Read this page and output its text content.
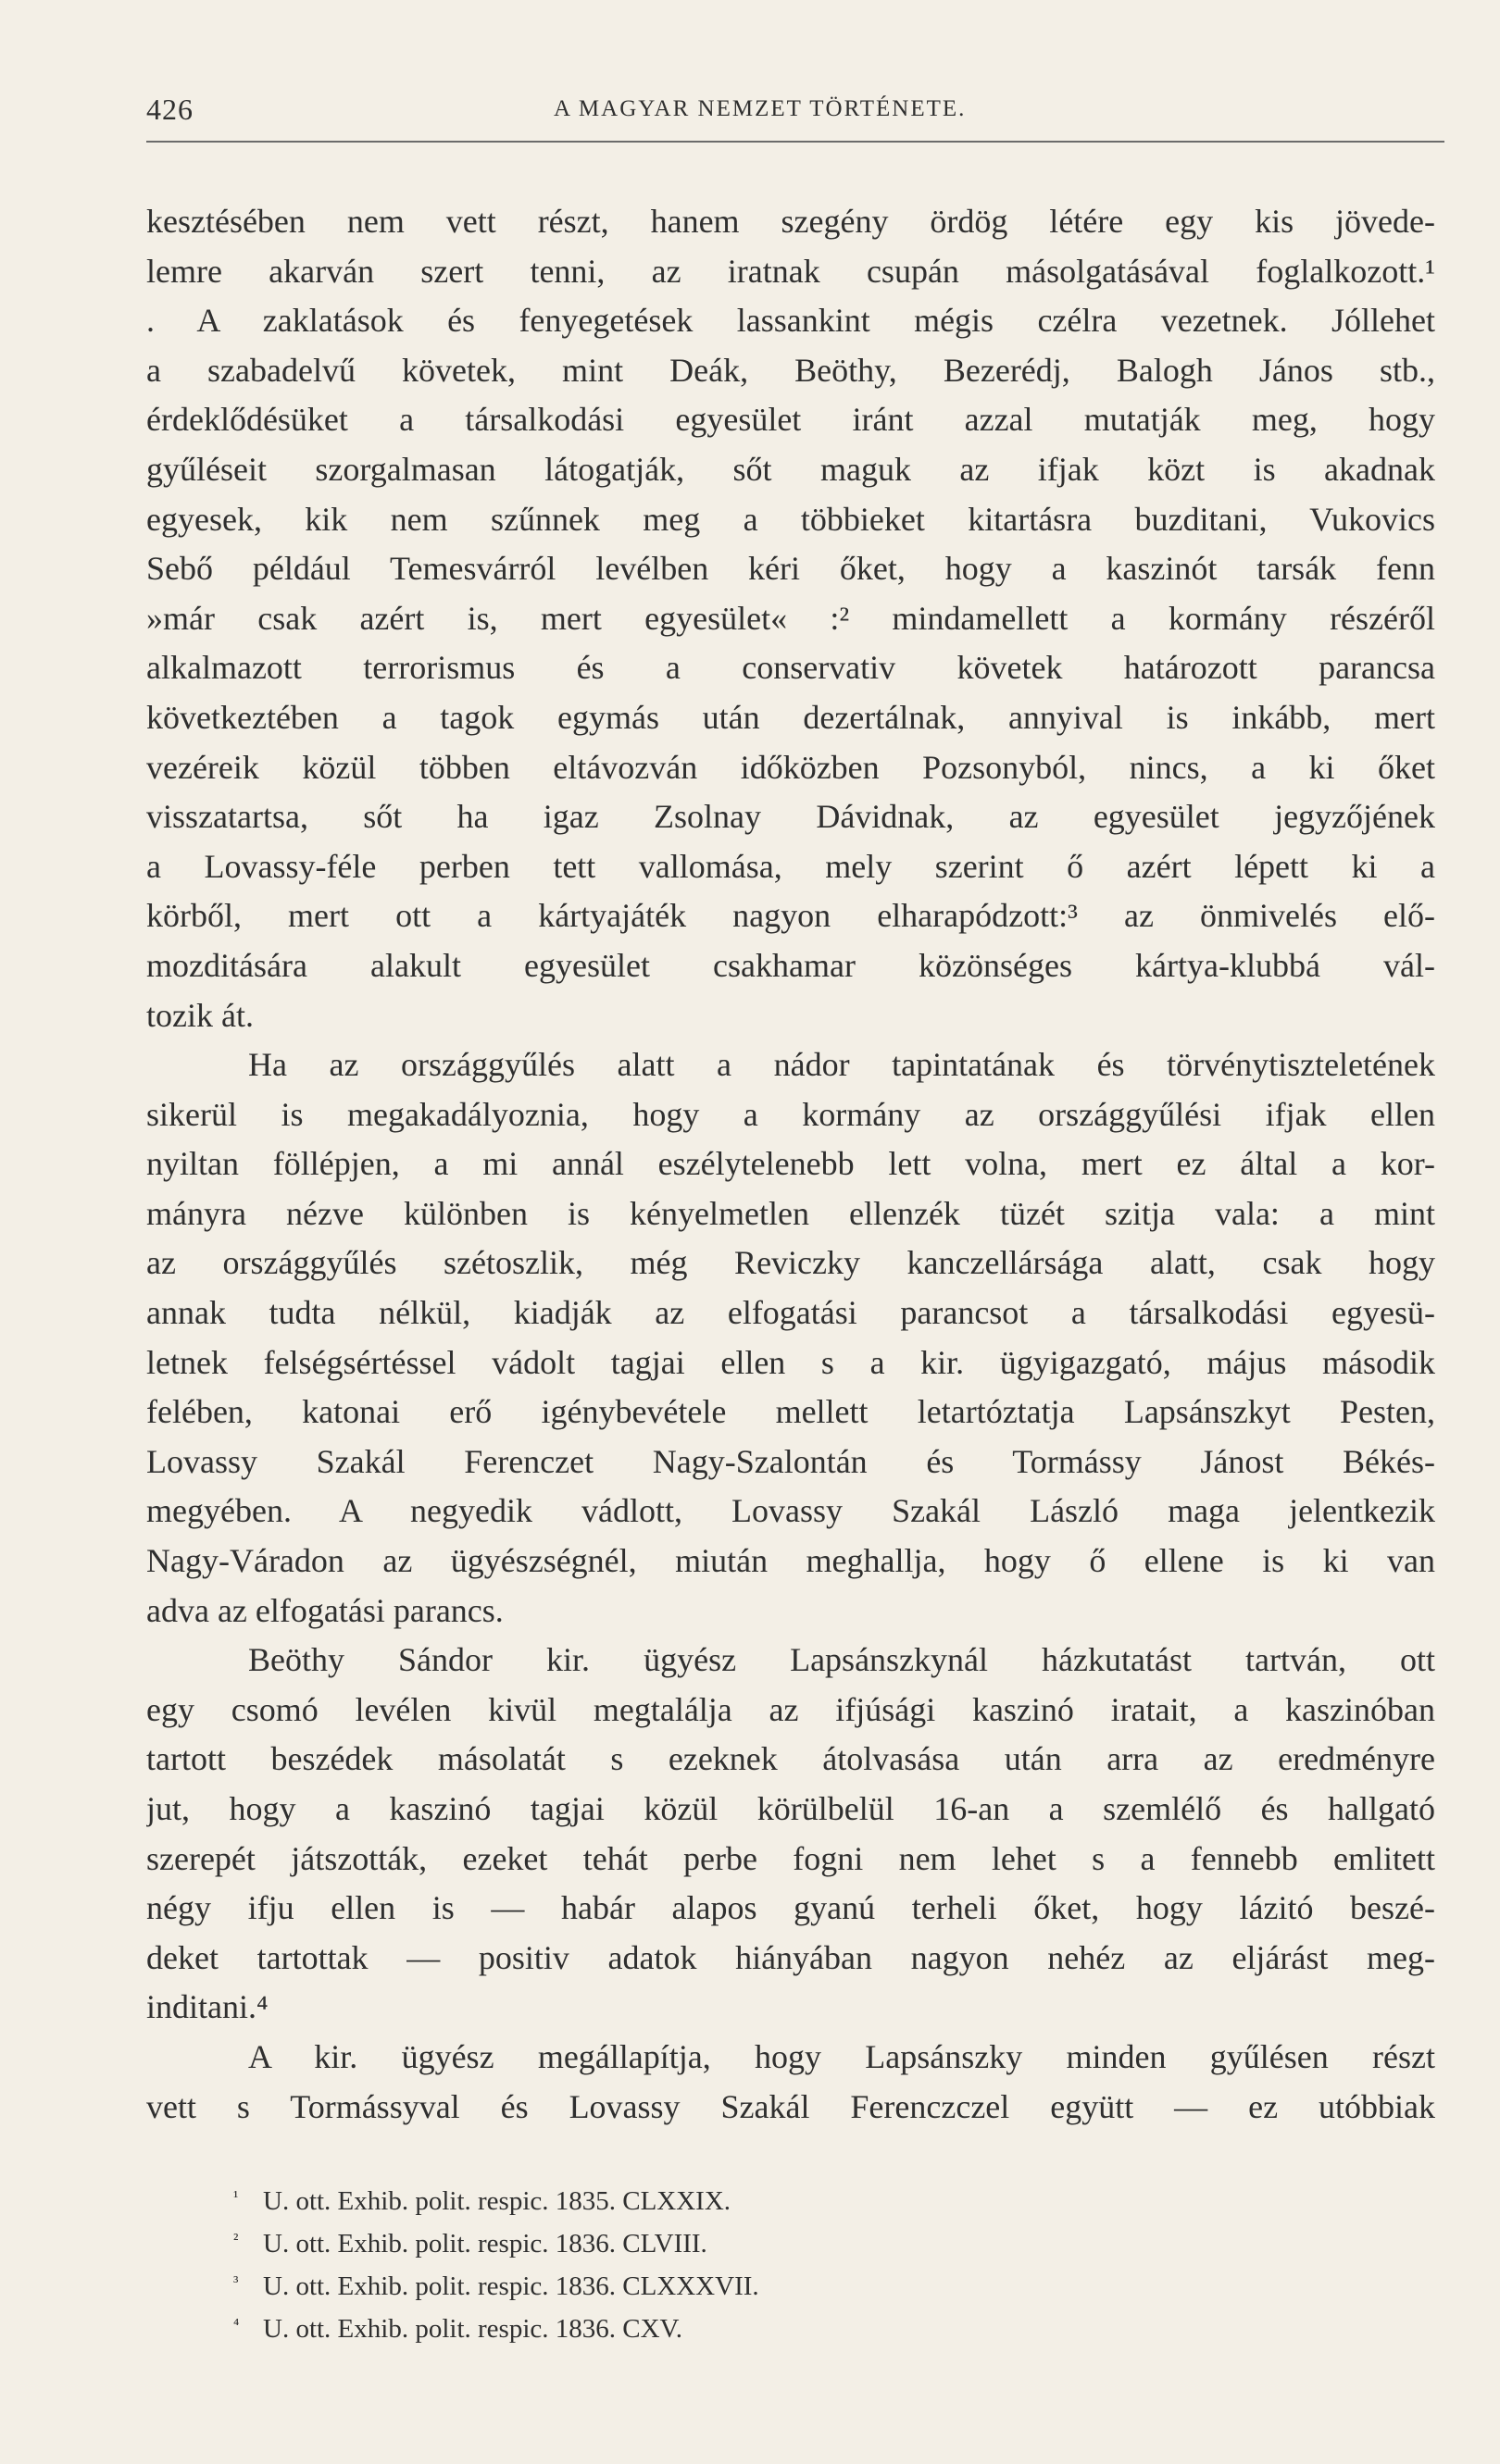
426	A MAGYAR NEMZET TÖRTÉNETE.
kesztésében nem vett részt, hanem szegény ördög létére egy kis jövede-
lemre akarván szert tenni, az iratnak csupán másolgatásával foglalkozott.¹
. A zaklatások és fenyegetések lassankint mégis czélra vezetnek. Jóllehet
a szabadelvű követek, mint Deák, Beöthy, Bezerédj, Balogh János stb.,
érdeklődésüket a társalkodási egyesület iránt azzal mutatják meg, hogy
gyűléseit szorgalmasan látogatják, sőt maguk az ifjak közt is akadnak
egyesek, kik nem szűnnek meg a többieket kitartásra buzditani, Vukovics
Sebő például Temesvárról levélben kéri őket, hogy a kaszinót tarsák fenn
»már csak azért is, mert egyesület« :² mindamellett a kormány részéről
alkalmazott terrorismus és a conservativ követek határozott parancsa
következtében a tagok egymás után dezertálnak, annyival is inkább, mert
vezéreik közül többen eltávozván időközben Pozsonyból, nincs, a ki őket
visszatartsa, sőt ha igaz Zsolnay Dávidnak, az egyesület jegyzőjének
a Lovassy-féle perben tett vallomása, mely szerint ő azért lépett ki a
körből, mert ott a kártyajáték nagyon elharapódzott:³ az önmivelés elő-
mozditására alakult egyesület csakhamar közönséges kártya-klubbá vál-
tozik át.
Ha az országgyűlés alatt a nádor tapintatának és törvénytiszteletének
sikerül is megakadályoznia, hogy a kormány az országgyűlési ifjak ellen
nyiltan föllépjen, a mi annál eszélytelenebb lett volna, mert ez által a kor-
mányra nézve különben is kényelmetlen ellenzék tüzét szitja vala: a mint
az országgyűlés szétoszlik, még Reviczky kanczellársága alatt, csak hogy
annak tudta nélkül, kiadják az elfogatási parancsot a társalkodási egyesü-
letnek felségsértéssel vádolt tagjai ellen s a kir. ügyigazgató, május második
felében, katonai erő igénybevétele mellett letartóztatja Lapsánszkyt Pesten,
Lovassy Szakál Ferenczet Nagy-Szalontán és Tormássy Jánost Békés-
megyében. A negyedik vádlott, Lovassy Szakál László maga jelentkezik
Nagy-Váradon az ügyészségnél, miután meghallja, hogy ő ellene is ki van
adva az elfogatási parancs.
Beöthy Sándor kir. ügyész Lapsánszkynál házkutatást tartván, ott
egy csomó levélen kivül megtalálja az ifjúsági kaszinó iratait, a kaszinóban
tartott beszédek másolatát s ezeknek átolvasása után arra az eredményre
jut, hogy a kaszinó tagjai közül körülbelül 16-an a szemlélő és hallgató
szerepét játszották, ezeket tehát perbe fogni nem lehet s a fennebb emlitett
négy ifju ellen is — habár alapos gyanú terheli őket, hogy lázitó beszé-
deket tartottak — positiv adatok hiányában nagyon nehéz az eljárást meg-
inditani.⁴
A kir. ügyész megállapítja, hogy Lapsánszky minden gyűlésen részt
vett s Tormássyval és Lovassy Szakál Ferenczczel együtt — ez utóbbiak
¹ U. ott. Exhib. polit. respic. 1835. CLXXIX.
² U. ott. Exhib. polit. respic. 1836. CLVIII.
³ U. ott. Exhib. polit. respic. 1836. CLXXXVII.
⁴ U. ott. Exhib. polit. respic. 1836. CXV.
